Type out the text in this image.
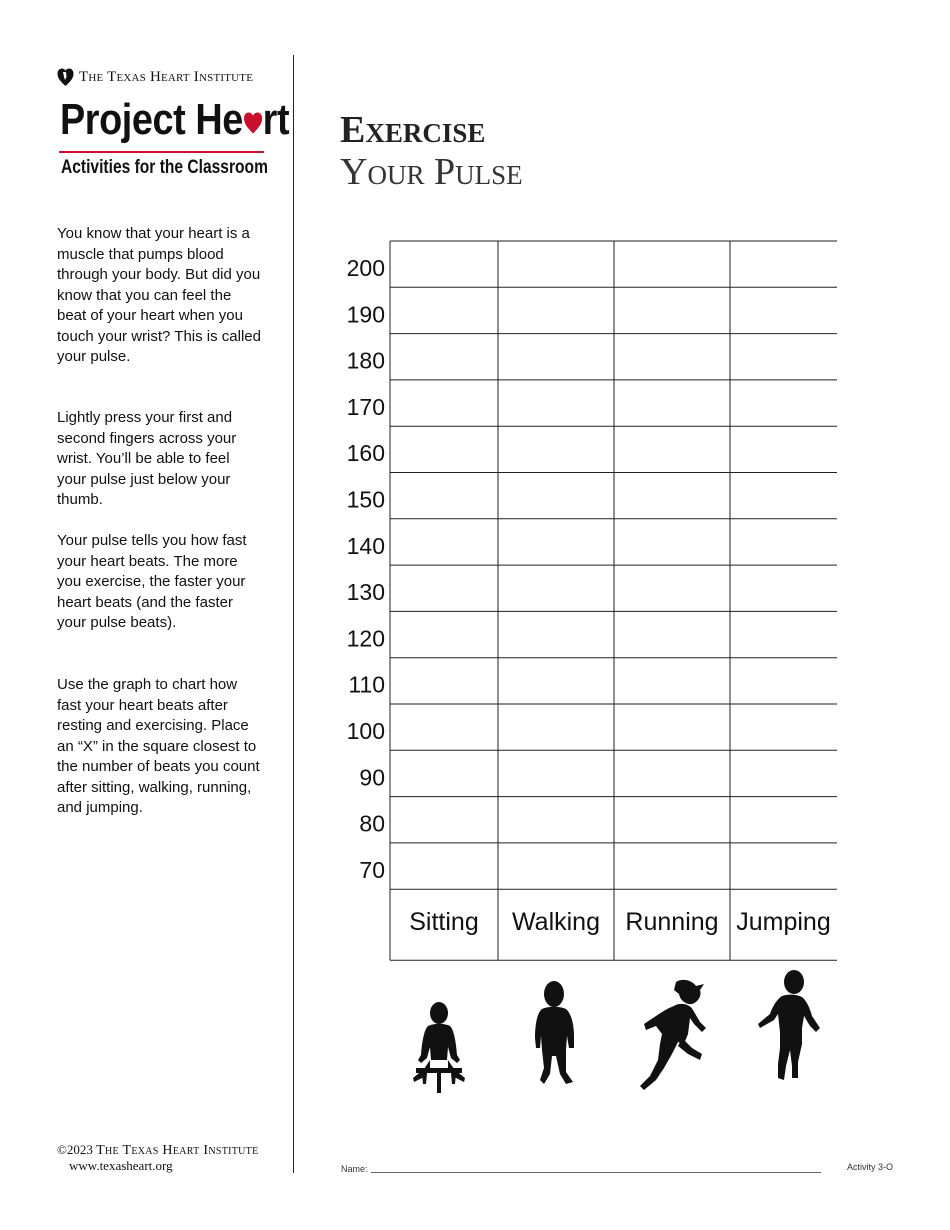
The Texas Heart Institute
Project He rt
Activities for the Classroom

You know that your heart is a muscle that pumps blood through your body. But did you know that you can feel the beat of your heart when you touch your wrist? This is called your pulse.

Lightly press your first and second fingers across your wrist. You’ll be able to feel your pulse just below your thumb.

Your pulse tells you how fast your heart beats. The more you exercise, the faster your heart beats (and the faster your pulse beats).

Use the graph to chart how fast your heart beats after resting and exercising. Place an “X” in the square closest to the number of beats you count after sitting, walking, running, and jumping.

Exercise
Your Pulse
200
190
180
170
160
150
140
130
120
110
100
90
80
70
Sitting Walking Running Jumping
©2023 The Texas Heart Institute
www.texasheart.org	Name:	Activity 3-O
